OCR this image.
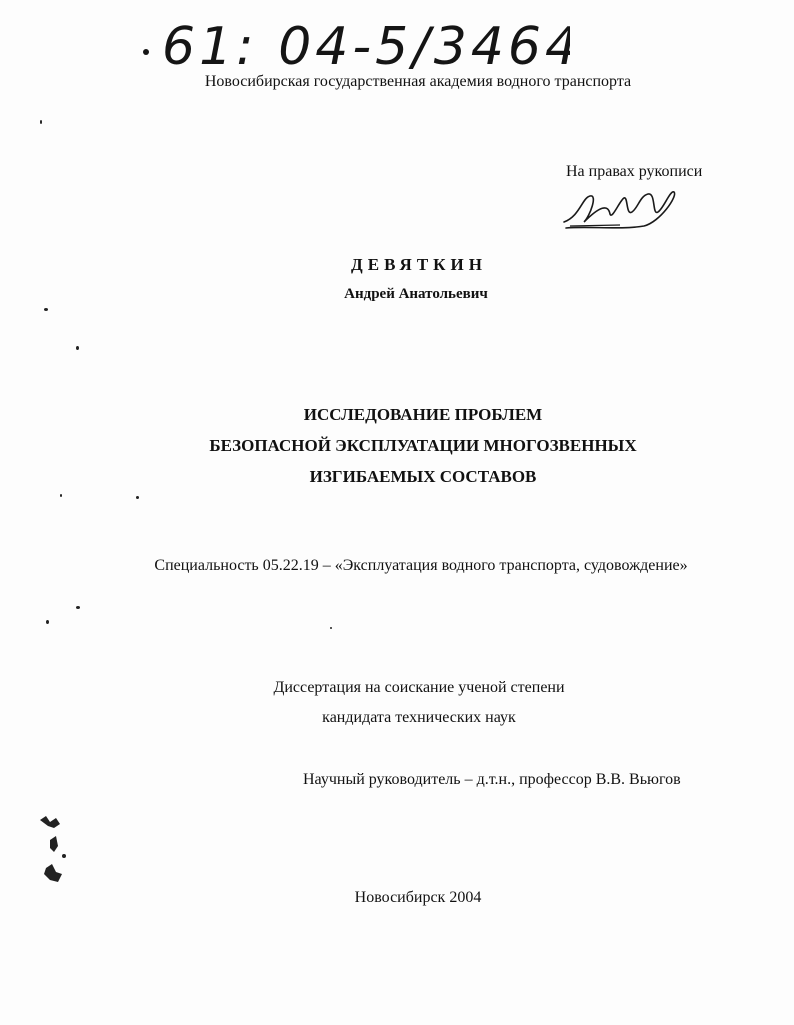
61: 04-5/3464
Новосибирская государственная академия водного транспорта
На правах рукописи
ДЕВЯТКИН
Андрей Анатольевич
ИССЛЕДОВАНИЕ ПРОБЛЕМ
БЕЗОПАСНОЙ ЭКСПЛУАТАЦИИ МНОГОЗВЕННЫХ
ИЗГИБАЕМЫХ СОСТАВОВ
Специальность 05.22.19 – «Эксплуатация водного транспорта, судовождение»
Диссертация на соискание ученой степени
кандидата технических наук
Научный руководитель – д.т.н., профессор В.В. Вьюгов
Новосибирск 2004
